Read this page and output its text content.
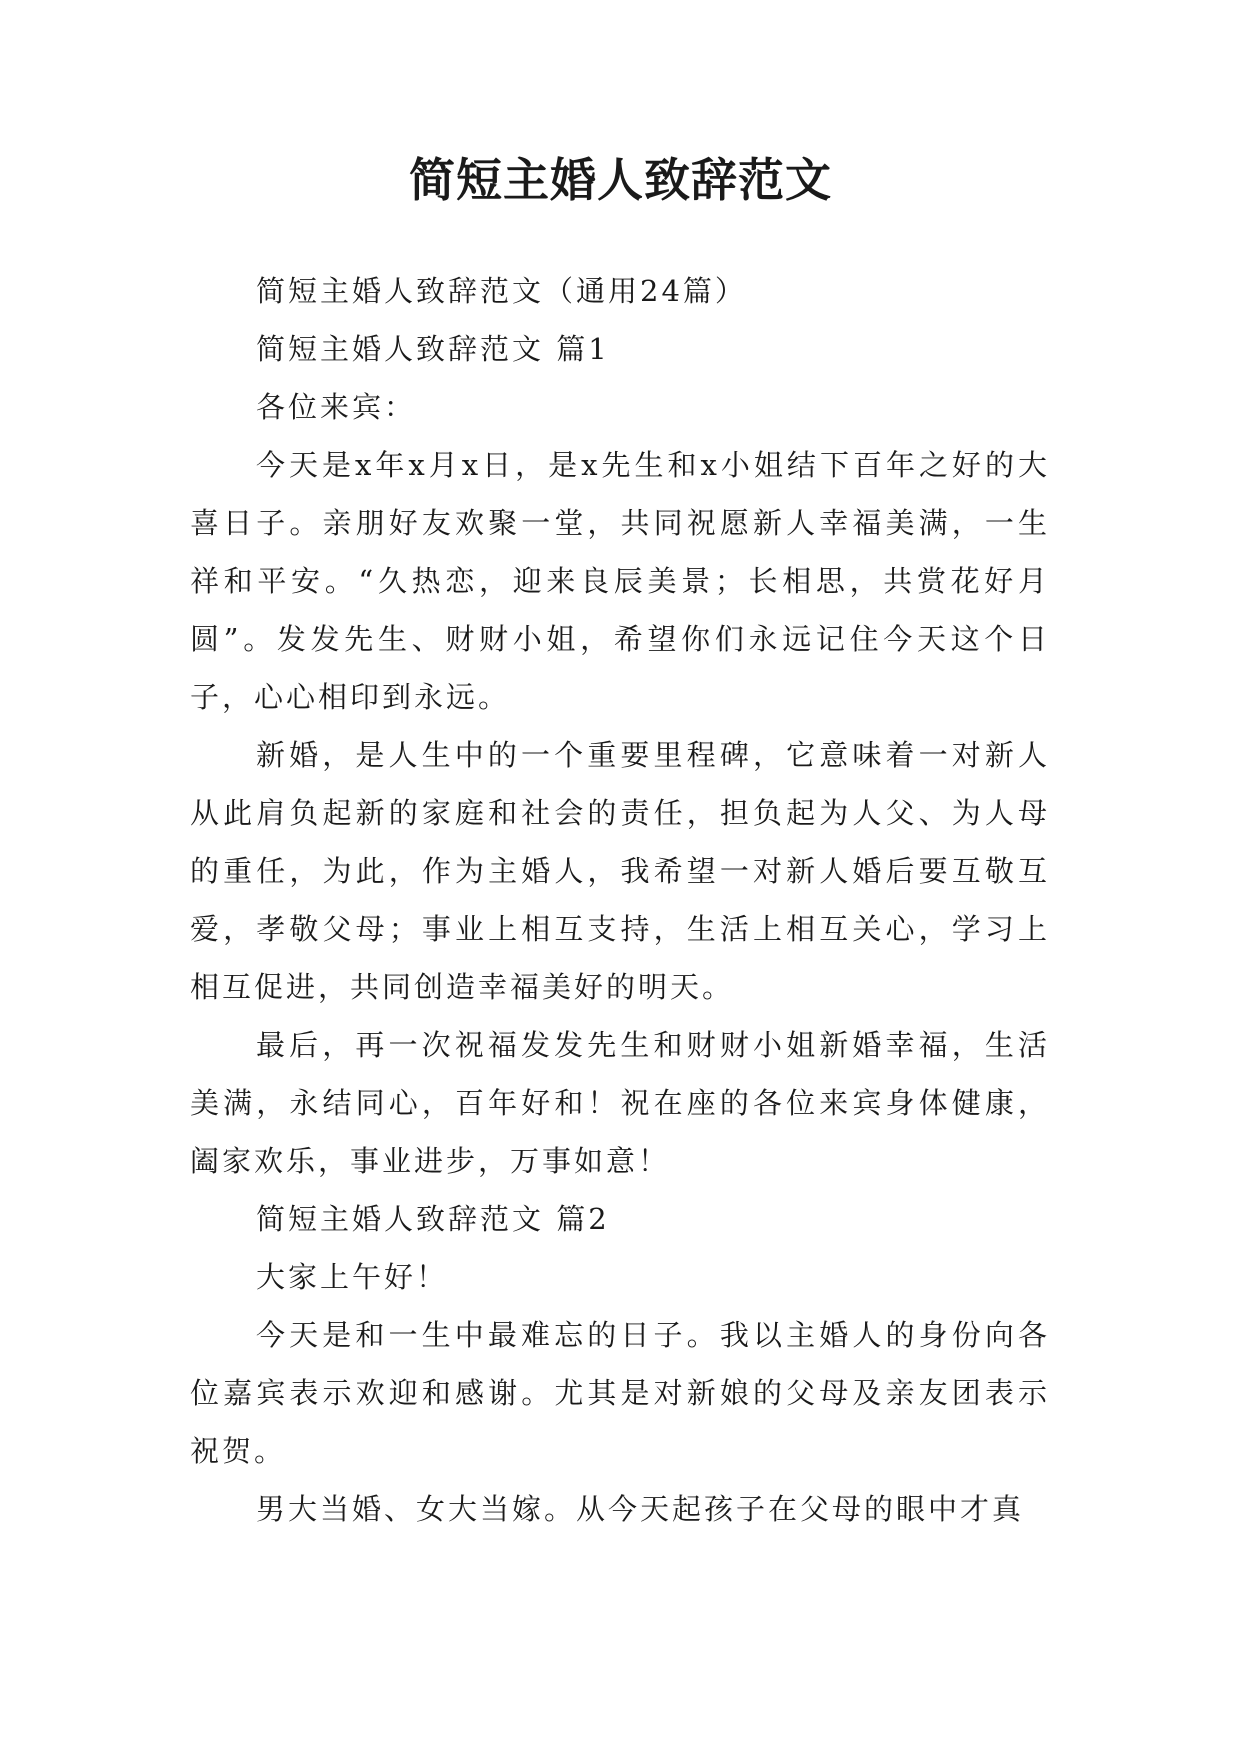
简短主婚人致辞范文

简短主婚人致辞范文（通用24篇）

简短主婚人致辞范文 篇1

各位来宾：

今天是x年x月x日，是x先生和x小姐结下百年之好的大喜日子。亲朋好友欢聚一堂，共同祝愿新人幸福美满，一生祥和平安。“久热恋，迎来良辰美景；长相思，共赏花好月圆”。发发先生、财财小姐，希望你们永远记住今天这个日子，心心相印到永远。

新婚，是人生中的一个重要里程碑，它意味着一对新人从此肩负起新的家庭和社会的责任，担负起为人父、为人母的重任，为此，作为主婚人，我希望一对新人婚后要互敬互爱，孝敬父母；事业上相互支持，生活上相互关心，学习上相互促进，共同创造幸福美好的明天。

最后，再一次祝福发发先生和财财小姐新婚幸福，生活美满，永结同心，百年好和！祝在座的各位来宾身体健康，阖家欢乐，事业进步，万事如意！

简短主婚人致辞范文 篇2

大家上午好！

今天是和一生中最难忘的日子。我以主婚人的身份向各位嘉宾表示欢迎和感谢。尤其是对新娘的父母及亲友团表示祝贺。

男大当婚、女大当嫁。从今天起孩子在父母的眼中才真
